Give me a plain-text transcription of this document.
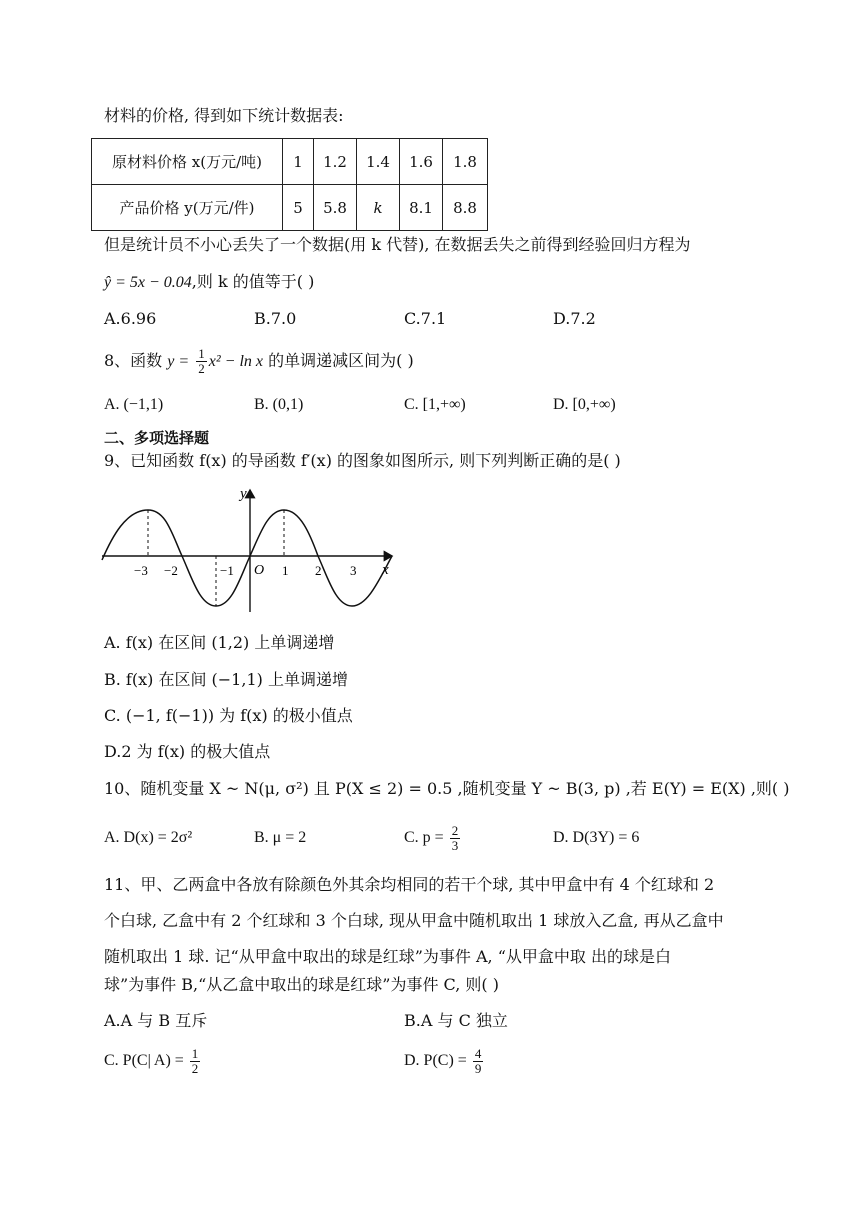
材料的价格, 得到如下统计数据表:
原材料价格 x(万元/吨)	1	1.2	1.4	1.6	1.8
产品价格 y(万元/件)	5	5.8	k	8.1	8.8
但是统计员不小心丢失了一个数据(用 k 代替), 在数据丢失之前得到经验回归方程为
ŷ = 5x − 0.04,则 k 的值等于( )
A.6.96	B.7.0	C.7.1	D.7.2
8、函数 $y = \frac{1}{2} x^2 - \ln x$ 的单调递减区间为( )
A. (−1,1)	B. (0,1)	C. [1,+∞)	D. [0,+∞)
二、多项选择题
9、已知函数 f(x) 的导函数 f′(x) 的图象如图所示, 则下列判断正确的是( )
y
x
O
−3 −2	−1	1 2 3
A. f(x) 在区间 (1,2) 上单调递增
B. f(x) 在区间 (−1,1) 上单调递增
C. (−1, f(−1)) 为 f(x) 的极小值点
D.2 为 f(x) 的极大值点
10、随机变量 X ~ N(μ, σ²) 且 P(X ≤ 2) = 0.5 ,随机变量 Y ~ B(3, p) ,若 E(Y) = E(X) ,则( )
A. D(x) = 2σ²	B. μ = 2	C. $p = \frac{2}{3}$	D. D(3Y) = 6
11、甲、乙两盒中各放有除颜色外其余均相同的若干个球, 其中甲盒中有 4 个红球和 2
个白球, 乙盒中有 2 个红球和 3 个白球, 现从甲盒中随机取出 1 球放入乙盒, 再从乙盒中
随机取出 1 球. 记“从甲盒中取出的球是红球”为事件 A, “从甲盒中取 出的球是白
球”为事件 B,“从乙盒中取出的球是红球”为事件 C, 则( )
A.A 与 B 互斥	B.A 与 C 独立
C. P(C| $A) = \frac{1}{2}$	D. $P(C) = \frac{4}{9}$
